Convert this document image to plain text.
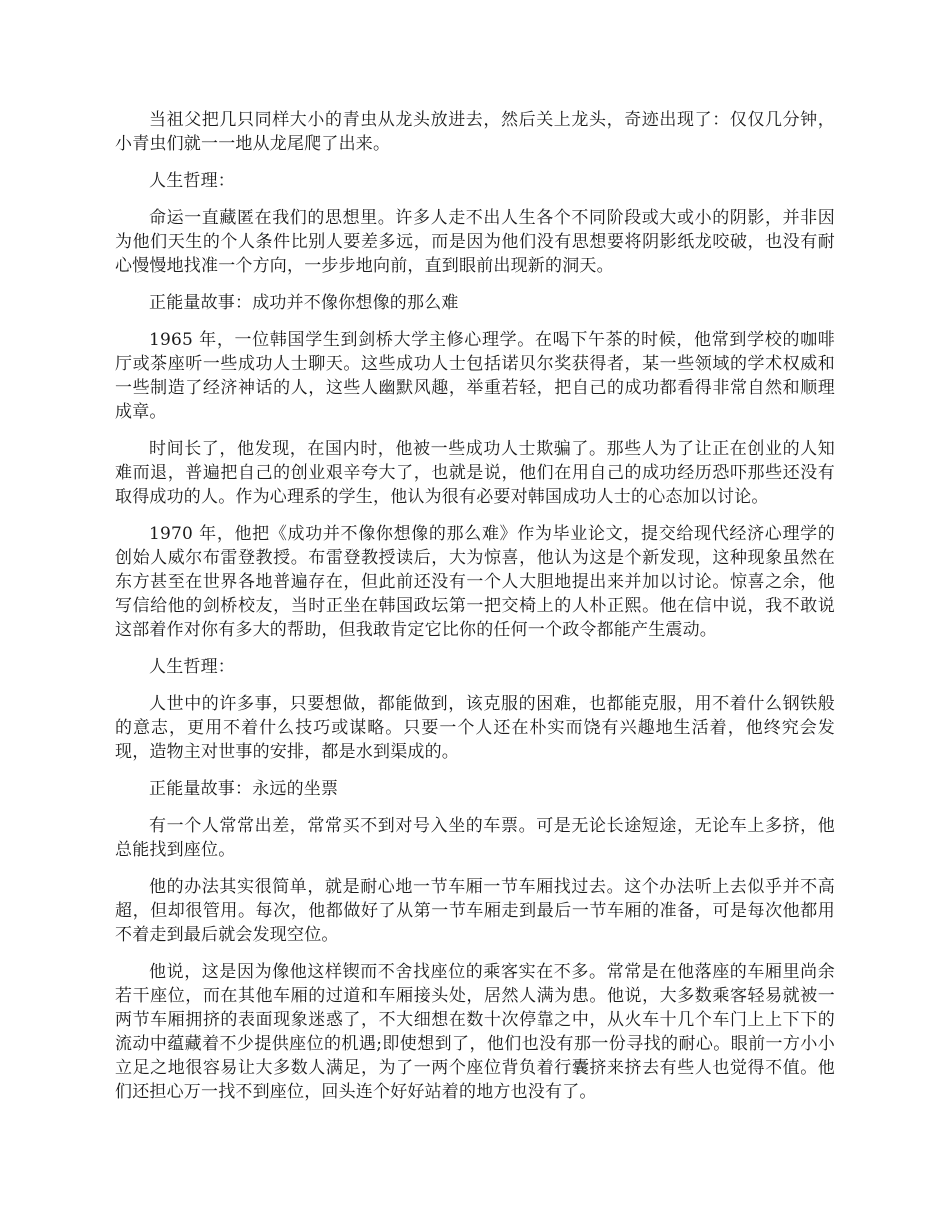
当祖父把几只同样大小的青虫从龙头放进去，然后关上龙头，奇迹出现了：仅仅几分钟，小青虫们就一一地从龙尾爬了出来。

人生哲理：

命运一直藏匿在我们的思想里。许多人走不出人生各个不同阶段或大或小的阴影，并非因为他们天生的个人条件比别人要差多远，而是因为他们没有思想要将阴影纸龙咬破，也没有耐心慢慢地找准一个方向，一步步地向前，直到眼前出现新的洞天。

正能量故事：成功并不像你想像的那么难

1965 年，一位韩国学生到剑桥大学主修心理学。在喝下午茶的时候，他常到学校的咖啡厅或茶座听一些成功人士聊天。这些成功人士包括诺贝尔奖获得者，某一些领域的学术权威和一些制造了经济神话的人，这些人幽默风趣，举重若轻，把自己的成功都看得非常自然和顺理成章。

时间长了，他发现，在国内时，他被一些成功人士欺骗了。那些人为了让正在创业的人知难而退，普遍把自己的创业艰辛夸大了，也就是说，他们在用自己的成功经历恐吓那些还没有取得成功的人。作为心理系的学生，他认为很有必要对韩国成功人士的心态加以讨论。

1970 年，他把《成功并不像你想像的那么难》作为毕业论文，提交给现代经济心理学的创始人威尔布雷登教授。布雷登教授读后，大为惊喜，他认为这是个新发现，这种现象虽然在东方甚至在世界各地普遍存在，但此前还没有一个人大胆地提出来并加以讨论。惊喜之余，他写信给他的剑桥校友，当时正坐在韩国政坛第一把交椅上的人朴正熙。他在信中说，我不敢说这部着作对你有多大的帮助，但我敢肯定它比你的任何一个政令都能产生震动。

人生哲理：

人世中的许多事，只要想做，都能做到，该克服的困难，也都能克服，用不着什么钢铁般的意志，更用不着什么技巧或谋略。只要一个人还在朴实而饶有兴趣地生活着，他终究会发现，造物主对世事的安排，都是水到渠成的。

正能量故事：永远的坐票

有一个人常常出差，常常买不到对号入坐的车票。可是无论长途短途，无论车上多挤，他总能找到座位。

他的办法其实很简单，就是耐心地一节车厢一节车厢找过去。这个办法听上去似乎并不高超，但却很管用。每次，他都做好了从第一节车厢走到最后一节车厢的准备，可是每次他都用不着走到最后就会发现空位。

他说，这是因为像他这样锲而不舍找座位的乘客实在不多。常常是在他落座的车厢里尚余若干座位，而在其他车厢的过道和车厢接头处，居然人满为患。他说，大多数乘客轻易就被一两节车厢拥挤的表面现象迷惑了，不大细想在数十次停靠之中，从火车十几个车门上上下下的流动中蕴藏着不少提供座位的机遇;即使想到了，他们也没有那一份寻找的耐心。眼前一方小小立足之地很容易让大多数人满足，为了一两个座位背负着行囊挤来挤去有些人也觉得不值。他们还担心万一找不到座位，回头连个好好站着的地方也没有了。
